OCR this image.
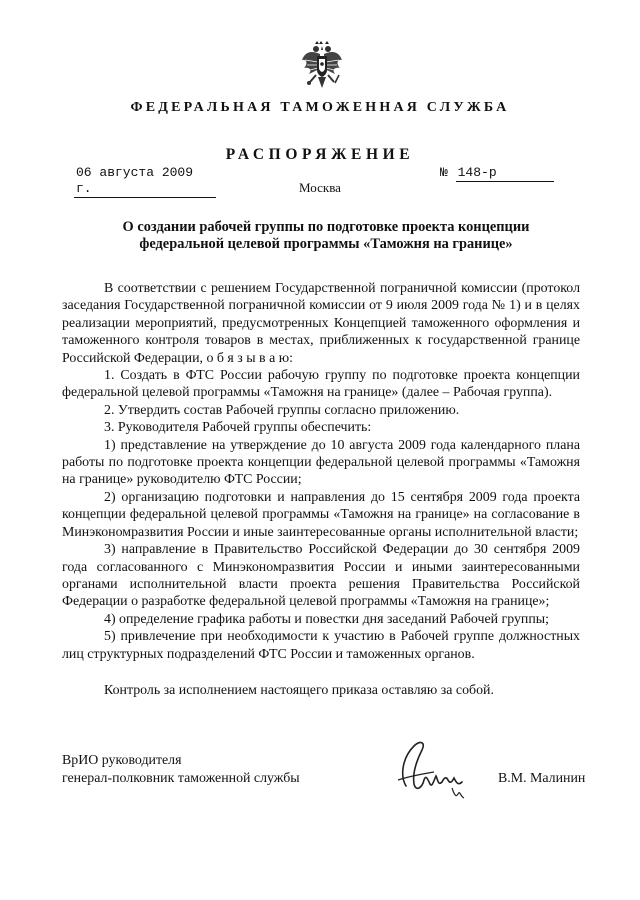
ФЕДЕРАЛЬНАЯ ТАМОЖЕННАЯ СЛУЖБА
РАСПОРЯЖЕНИЕ
06 августа 2009 г.
№ 148-р
Москва
О создании рабочей группы по подготовке проекта концепции
федеральной целевой программы «Таможня на границе»

В соответствии с решением Государственной пограничной комиссии (протокол заседания Государственной пограничной комиссии от 9 июля 2009 года № 1) и в целях реализации мероприятий, предусмотренных Концепцией таможенного оформления и таможенного контроля товаров в местах, приближенных к государственной границе Российской Федерации, о б я з ы в а ю:

1. Создать в ФТС России рабочую группу по подготовке проекта концепции федеральной целевой программы «Таможня на границе» (далее – Рабочая группа).

2. Утвердить состав Рабочей группы согласно приложению.

3. Руководителя Рабочей группы обеспечить:

1) представление на утверждение до 10 августа 2009 года календарного плана работы по подготовке проекта концепции федеральной целевой программы «Таможня на границе» руководителю ФТС России;

2) организацию подготовки и направления до 15 сентября 2009 года проекта концепции федеральной целевой программы «Таможня на границе» на согласование в Минэкономразвития России и иные заинтересованные органы исполнительной власти;

3) направление в Правительство Российской Федерации до 30 сентября 2009 года согласованного с Минэкономразвития России и иными заинтересованными органами исполнительной власти проекта решения Правительства Российской Федерации о разработке федеральной целевой программы «Таможня на границе»;

4) определение графика работы и повестки дня заседаний Рабочей группы;

5) привлечение при необходимости к участию в Рабочей группе должностных лиц структурных подразделений ФТС России и таможенных органов.

Контроль за исполнением настоящего приказа оставляю за собой.
ВрИО руководителя
генерал-полковник таможенной службы	В.М. Малинин
